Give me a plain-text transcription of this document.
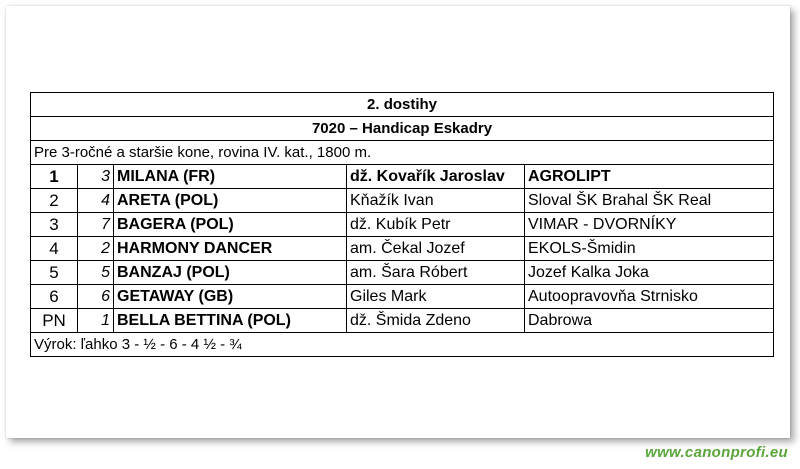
2. dostihy				
7020 – Handicap Eskadry				
Pre 3-ročné a staršie kone, rovina IV. kat., 1800 m.				
1	3	MILANA (FR)	dž. Kovařík Jaroslav	AGROLIPT
2	4	ARETA (POL)	Kňažík Ivan	Sloval ŠK Brahal ŠK Real
3	7	BAGERA (POL)	dž. Kubík Petr	VIMAR - DVORNÍKY
4	2	HARMONY DANCER	am. Čekal Jozef	EKOLS-Šmidin
5	5	BANZAJ (POL)	am. Šara Róbert	Jozef Kalka Joka
6	6	GETAWAY (GB)	Giles Mark	Autoopravovňa Strnisko
PN	1	BELLA BETTINA (POL)	dž. Šmida Zdeno	Dabrowa
Výrok: ľahko 3 - ½ - 6 - 4 ½ - ¾				
www.canonprofi.eu
